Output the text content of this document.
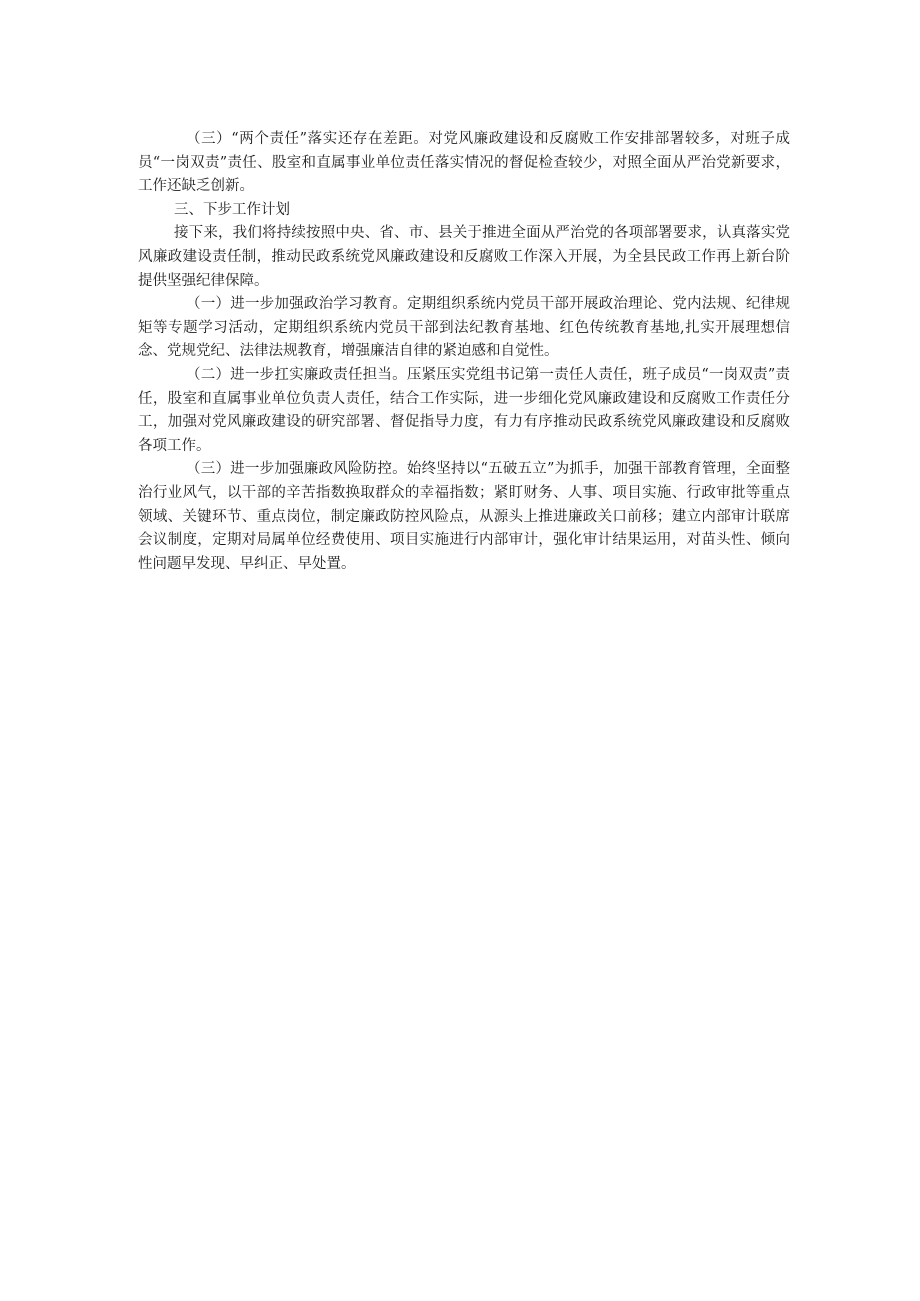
（三）“两个责任”落实还存在差距。对党风廉政建设和反腐败工作安排部署较多，对班子成员“一岗双责”责任、股室和直属事业单位责任落实情况的督促检查较少，对照全面从严治党新要求，工作还缺乏创新。

三、下步工作计划

接下来，我们将持续按照中央、省、市、县关于推进全面从严治党的各项部署要求，认真落实党风廉政建设责任制，推动民政系统党风廉政建设和反腐败工作深入开展，为全县民政工作再上新台阶提供坚强纪律保障。

（一）进一步加强政治学习教育。定期组织系统内党员干部开展政治理论、党内法规、纪律规矩等专题学习活动，定期组织系统内党员干部到法纪教育基地、红色传统教育基地,扎实开展理想信念、党规党纪、法律法规教育，增强廉洁自律的紧迫感和自觉性。

（二）进一步扛实廉政责任担当。压紧压实党组书记第一责任人责任，班子成员“一岗双责”责任，股室和直属事业单位负责人责任，结合工作实际，进一步细化党风廉政建设和反腐败工作责任分工，加强对党风廉政建设的研究部署、督促指导力度，有力有序推动民政系统党风廉政建设和反腐败各项工作。

（三）进一步加强廉政风险防控。始终坚持以“五破五立”为抓手，加强干部教育管理，全面整治行业风气，以干部的辛苦指数换取群众的幸福指数；紧盯财务、人事、项目实施、行政审批等重点领域、关键环节、重点岗位，制定廉政防控风险点，从源头上推进廉政关口前移；建立内部审计联席会议制度，定期对局属单位经费使用、项目实施进行内部审计，强化审计结果运用，对苗头性、倾向性问题早发现、早纠正、早处置。
